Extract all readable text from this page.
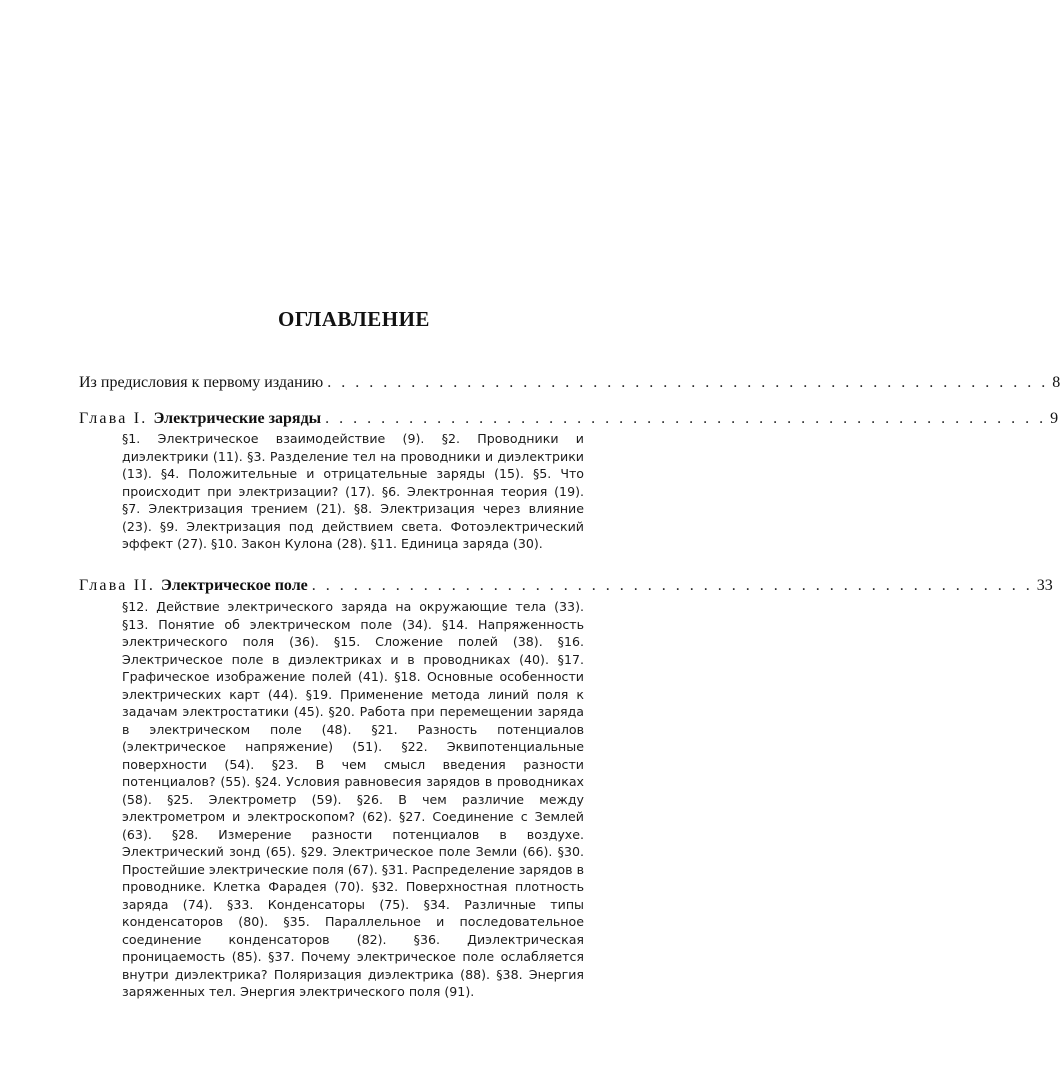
ОГЛАВЛЕНИЕ
Из предисловия к первому изданию . . . . . . . . . . . . . . . . . . . . . . . . . . . . . . . . . . . . . . . . . . . . . . . . . . . . 8
Глава I. Электрические заряды . . . . . . . . . . . . . . . . . . . . . . . . . . . . . . . . . . . . . . . . . . . . . . . . . . . . 9
§1. Электрическое взаимодействие (9). §2. Проводники и диэлектрики (11). §3. Разделение тел на проводники и диэлектрики (13). §4. Положительные и отрицательные заряды (15). §5. Что происходит при электризации? (17). §6. Электронная теория (19). §7. Электризация трением (21). §8. Электризация через влияние (23). §9. Электризация под действием света. Фотоэлектрический эффект (27). §10. Закон Кулона (28). §11. Единица заряда (30).
Глава II. Электрическое поле . . . . . . . . . . . . . . . . . . . . . . . . . . . . . . . . . . . . . . . . . . . . . . . . . . . . 33
§12. Действие электрического заряда на окружающие тела (33). §13. Понятие об электрическом поле (34). §14. Напряженность электрического поля (36). §15. Сложение полей (38). §16. Электрическое поле в диэлектриках и в проводниках (40). §17. Графическое изображение полей (41). §18. Основные особенности электрических карт (44). §19. Применение метода линий поля к задачам электростатики (45). §20. Работа при перемещении заряда в электрическом поле (48). §21. Разность потенциалов (электрическое напряжение) (51). §22. Эквипотенциальные поверхности (54). §23. В чем смысл введения разности потенциалов? (55). §24. Условия равновесия зарядов в проводниках (58). §25. Электрометр (59). §26. В чем различие между электрометром и электроскопом? (62). §27. Соединение с Землей (63). §28. Измерение разности потенциалов в воздухе. Электрический зонд (65). §29. Электрическое поле Земли (66). §30. Простейшие электрические поля (67). §31. Распределение зарядов в проводнике. Клетка Фарадея (70). §32. Поверхностная плотность заряда (74). §33. Конденсаторы (75). §34. Различные типы конденсаторов (80). §35. Параллельное и последовательное соединение конденсаторов (82). §36. Диэлектрическая проницаемость (85). §37. Почему электрическое поле ослабляется внутри диэлектрика? Поляризация диэлектрика (88). §38. Энергия заряженных тел. Энергия электрического поля (91).
